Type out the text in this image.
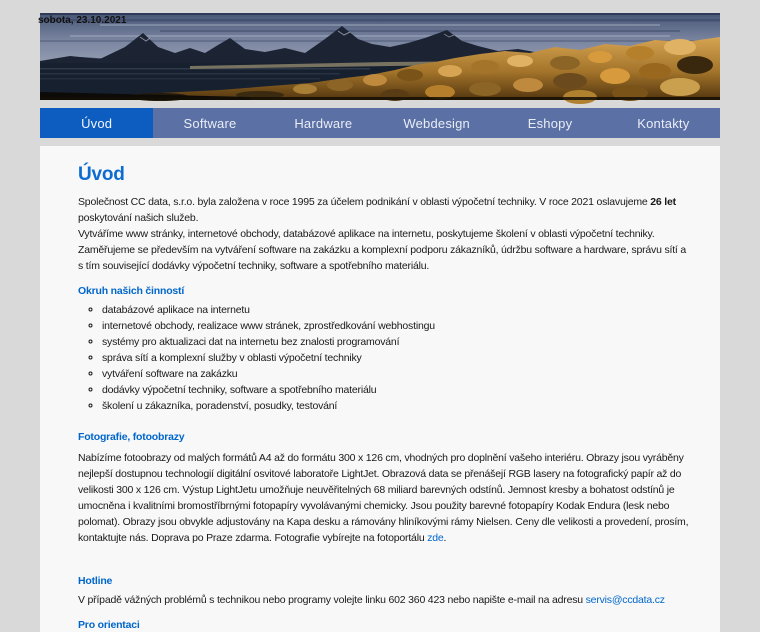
sobota, 23.10.2021
Úvod	Software	Hardware	Webdesign	Eshopy	Kontakty
Úvod

Společnost CC data, s.r.o. byla založena v roce 1995 za účelem podnikání v oblasti výpočetní techniky. V roce 2021 oslavujeme 26 let poskytování našich služeb.
Vytváříme www stránky, internetové obchody, databázové aplikace na internetu, poskytujeme školení v oblasti výpočetní techniky.
Zaměřujeme se především na vytváření software na zakázku a komplexní podporu zákazníků, údržbu software a hardware, správu sítí a s tím související dodávky výpočetní techniky, software a spotřebního materiálu.

Okruh našich činností
◦ databázové aplikace na internetu
◦ internetové obchody, realizace www stránek, zprostředkování webhostingu
◦ systémy pro aktualizaci dat na internetu bez znalosti programování
◦ správa sítí a komplexní služby v oblasti výpočetní techniky
◦ vytváření software na zakázku
◦ dodávky výpočetní techniky, software a spotřebního materiálu
◦ školení u zákazníka, poradenství, posudky, testování
Fotografie, fotoobrazy

Nabízíme fotoobrazy od malých formátů A4 až do formátu 300 x 126 cm, vhodných pro doplnění vašeho interiéru. Obrazy jsou vyráběny nejlepší dostupnou technologií digitální osvitové laboratoře LightJet. Obrazová data se přenášejí RGB lasery na fotografický papír až do velikosti 300 x 126 cm. Výstup LightJetu umožňuje neuvěřitelných 68 miliard barevných odstínů. Jemnost kresby a bohatost odstínů je umocněna i kvalitními bromostříbrnými fotopapíry vyvolávanými chemicky. Jsou použity barevné fotopapíry Kodak Endura (lesk nebo polomat). Obrazy jsou obvykle adjustovány na Kapa desku a rámovány hliníkovými rámy Nielsen. Ceny dle velikosti a provedení, prosím, kontaktujte nás. Doprava po Praze zdarma. Fotografie vybírejte na fotoportálu zde.

Hotline

V případě vážných problémů s technikou nebo programy volejte linku 602 360 423 nebo napište e-mail na adresu servis@ccdata.cz

Pro orientaci
